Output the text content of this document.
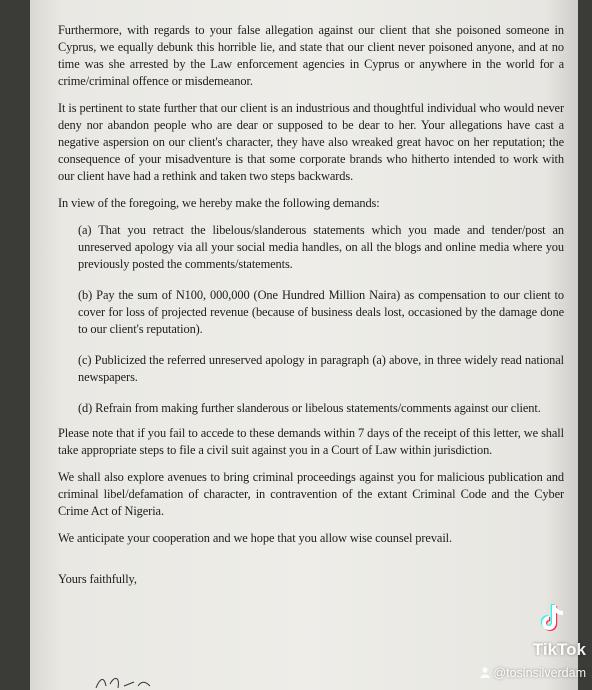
Furthermore, with regards to your false allegation against our client that she poisoned someone in Cyprus, we equally debunk this horrible lie, and state that our client never poisoned anyone, and at no time was she arrested by the Law enforcement agencies in Cyprus or anywhere in the world for a crime/criminal offence or misdemeanor.

It is pertinent to state further that our client is an industrious and thoughtful individual who would never deny nor abandon people who are dear or supposed to be dear to her. Your allegations have cast a negative aspersion on our client's character, they have also wreaked great havoc on her reputation; the consequence of your misadventure is that some corporate brands who hitherto intended to work with our client have had a rethink and taken two steps backwards.

In view of the foregoing, we hereby make the following demands:

(a) That you retract the libelous/slanderous statements which you made and tender/post an unreserved apology via all your social media handles, on all the blogs and online media where you previously posted the comments/statements.

(b) Pay the sum of N100, 000,000 (One Hundred Million Naira) as compensation to our client to cover for loss of projected revenue (because of business deals lost, occasioned by the damage done to our client's reputation).

(c) Publicized the referred unreserved apology in paragraph (a) above, in three widely read national newspapers.

(d) Refrain from making further slanderous or libelous statements/comments against our client.

Please note that if you fail to accede to these demands within 7 days of the receipt of this letter, we shall take appropriate steps to file a civil suit against you in a Court of Law within jurisdiction.

We shall also explore avenues to bring criminal proceedings against you for malicious publication and criminal libel/defamation of character, in contravention of the extant Criminal Code and the Cyber Crime Act of Nigeria.

We anticipate your cooperation and we hope that you allow wise counsel prevail.

Yours faithfully,

TikTok
@tosinsilverdam
